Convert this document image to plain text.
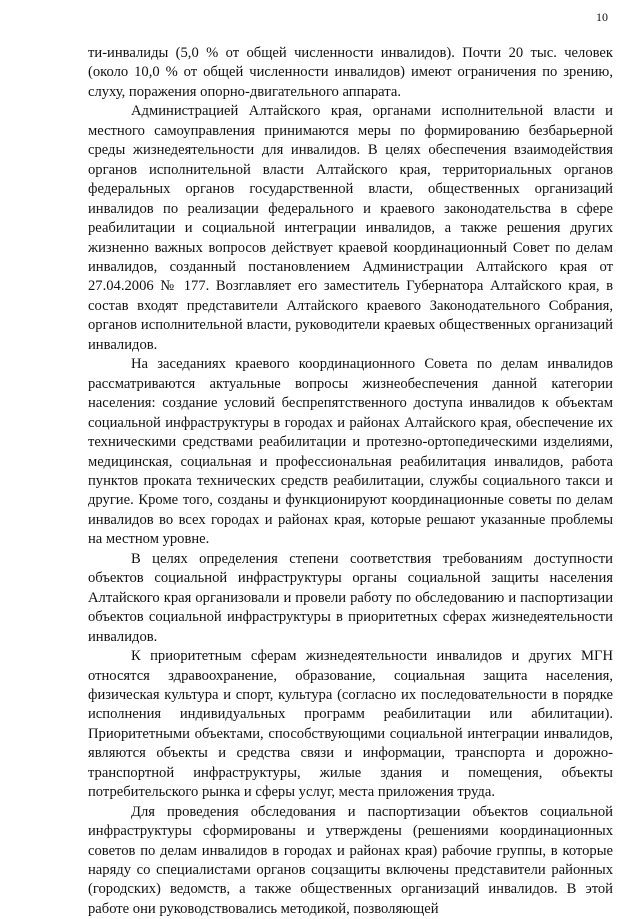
10

ти-инвалиды (5,0 % от общей численности инвалидов). Почти 20 тыс. человек (около 10,0 % от общей численности инвалидов) имеют ограничения по зрению, слуху, поражения опорно-двигательного аппарата.

Администрацией Алтайского края, органами исполнительной власти и местного самоуправления принимаются меры по формированию безбарьерной среды жизнедеятельности для инвалидов. В целях обеспечения взаимодействия органов исполнительной власти Алтайского края, территориальных органов федеральных органов государственной власти, общественных организаций инвалидов по реализации федерального и краевого законодательства в сфере реабилитации и социальной интеграции инвалидов, а также решения других жизненно важных вопросов действует краевой координационный Совет по делам инвалидов, созданный постановлением Администрации Алтайского края от 27.04.2006 № 177. Возглавляет его заместитель Губернатора Алтайского края, в состав входят представители Алтайского краевого Законодательного Собрания, органов исполнительной власти, руководители краевых общественных организаций инвалидов.

На заседаниях краевого координационного Совета по делам инвалидов рассматриваются актуальные вопросы жизнеобеспечения данной категории населения: создание условий беспрепятственного доступа инвалидов к объектам социальной инфраструктуры в городах и районах Алтайского края, обеспечение их техническими средствами реабилитации и протезно-ортопедическими изделиями, медицинская, социальная и профессиональная реабилитация инвалидов, работа пунктов проката технических средств реабилитации, службы социального такси и другие. Кроме того, созданы и функционируют координационные советы по делам инвалидов во всех городах и районах края, которые решают указанные проблемы на местном уровне.

В целях определения степени соответствия требованиям доступности объектов социальной инфраструктуры органы социальной защиты населения Алтайского края организовали и провели работу по обследованию и паспортизации объектов социальной инфраструктуры в приоритетных сферах жизнедеятельности инвалидов.

К приоритетным сферам жизнедеятельности инвалидов и других МГН относятся здравоохранение, образование, социальная защита населения, физическая культура и спорт, культура (согласно их последовательности в порядке исполнения индивидуальных программ реабилитации или абилитации). Приоритетными объектами, способствующими социальной интеграции инвалидов, являются объекты и средства связи и информации, транспорта и дорожно-транспортной инфраструктуры, жилые здания и помещения, объекты потребительского рынка и сферы услуг, места приложения труда.

Для проведения обследования и паспортизации объектов социальной инфраструктуры сформированы и утверждены (решениями координационных советов по делам инвалидов в городах и районах края) рабочие группы, в которые наряду со специалистами органов соцзащиты включены представители районных (городских) ведомств, а также общественных организаций инвалидов. В этой работе они руководствовались методикой, позволяющей
